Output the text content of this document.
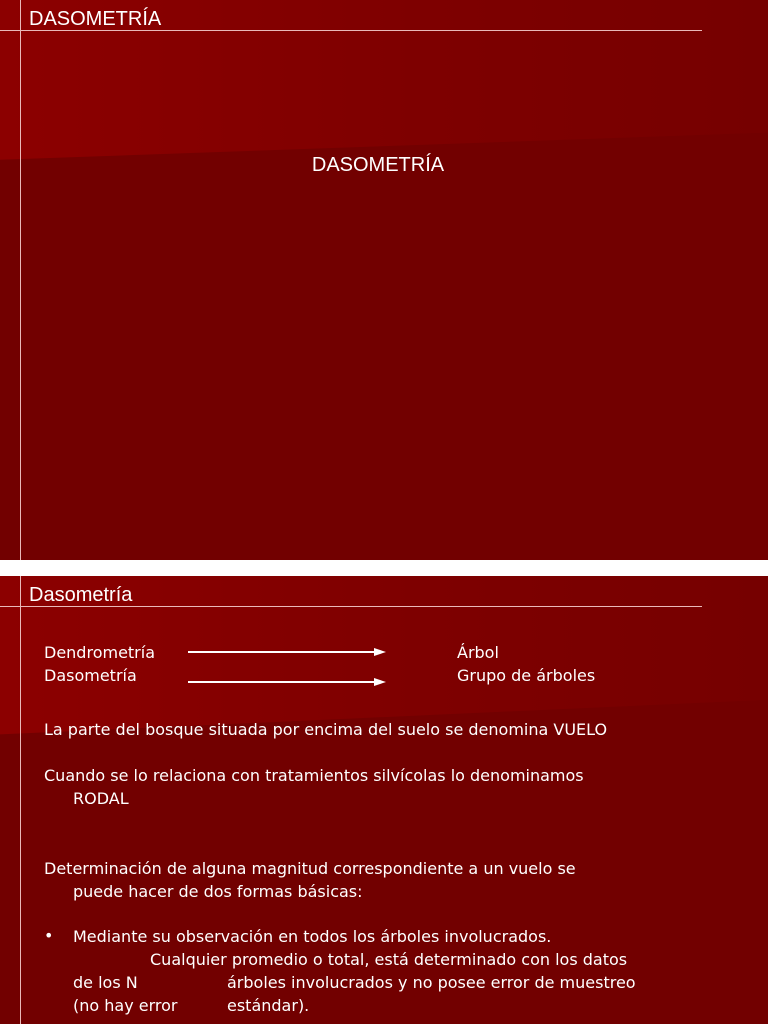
DASOMETRÍA
DASOMETRÍA
Dasometría
Dendrometría	Árbol
Dasometría	Grupo de árboles
La parte del bosque situada por encima del suelo se denomina VUELO
Cuando se lo relaciona con tratamientos silvícolas lo denominamos
RODAL
Determinación de alguna magnitud correspondiente a un vuelo se
puede hacer de dos formas básicas:
• Mediante su observación en todos los árboles involucrados.
Cualquier promedio o total, está determinado con los datos
de los N	árboles involucrados y no posee error de muestreo
(no hay error	estándar).
